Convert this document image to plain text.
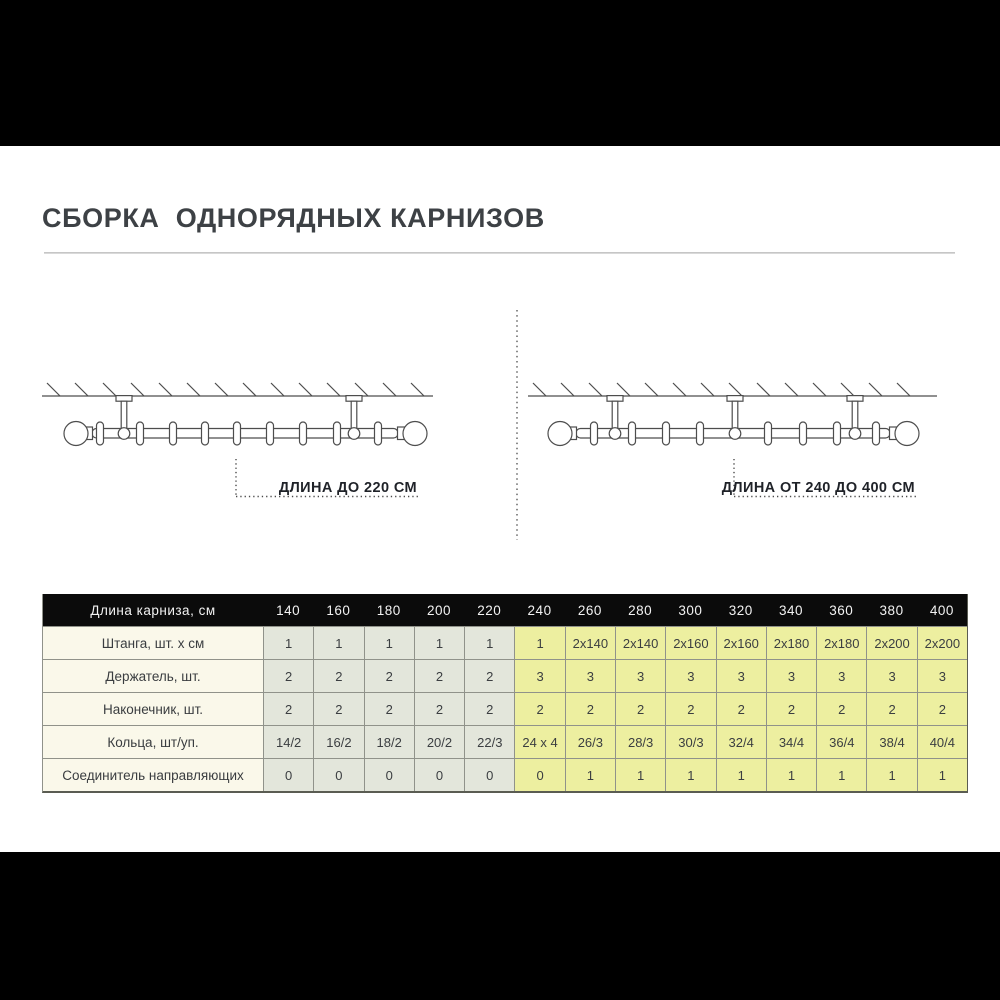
СБОРКА  ОДНОРЯДНЫХ КАРНИЗОВ
ДЛИНА ДО 220 СМ	ДЛИНА ОТ 240 ДО 400 СМ
Длина карниза, см	140	160	180	200	220	240	260	280	300	320	340	360	380	400
Штанга, шт. х см	1	1	1	1	1	1	2х140	2х140	2х160	2х160	2х180	2х180	2х200	2х200
Держатель, шт.	2	2	2	2	2	3	3	3	3	3	3	3	3	3
Наконечник, шт.	2	2	2	2	2	2	2	2	2	2	2	2	2	2
Кольца, шт/уп.	14/2	16/2	18/2	20/2	22/3	24 х 4	26/3	28/3	30/3	32/4	34/4	36/4	38/4	40/4
Соединитель направляющих	0	0	0	0	0	0	1	1	1	1	1	1	1	1
